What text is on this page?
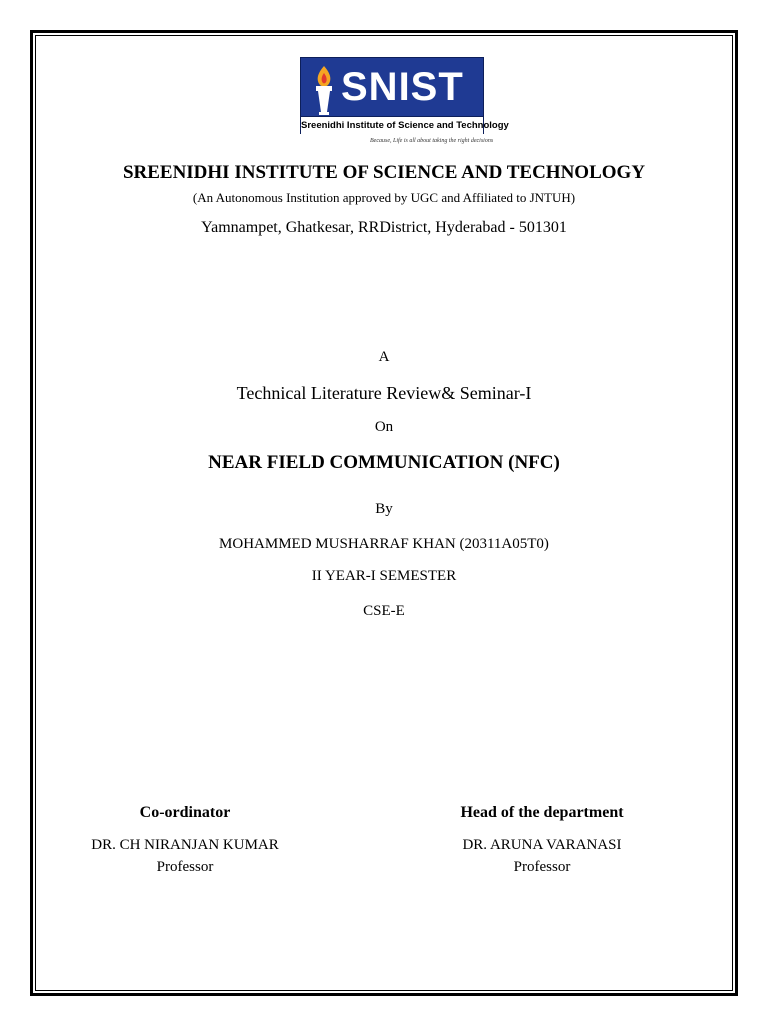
SNIST
Sreenidhi Institute of Science and Technology
Because, Life is all about taking the right decisions
SREENIDHI INSTITUTE OF SCIENCE AND TECHNOLOGY
(An Autonomous Institution approved by UGC and Affiliated to JNTUH)
Yamnampet, Ghatkesar, RRDistrict, Hyderabad - 501301
A
Technical Literature Review& Seminar-I
On
NEAR FIELD COMMUNICATION (NFC)
By
MOHAMMED MUSHARRAF KHAN (20311A05T0)
II YEAR-I SEMESTER
CSE-E
Co-ordinator
DR. CH NIRANJAN KUMAR
Professor
Head of the department
DR. ARUNA VARANASI
Professor
